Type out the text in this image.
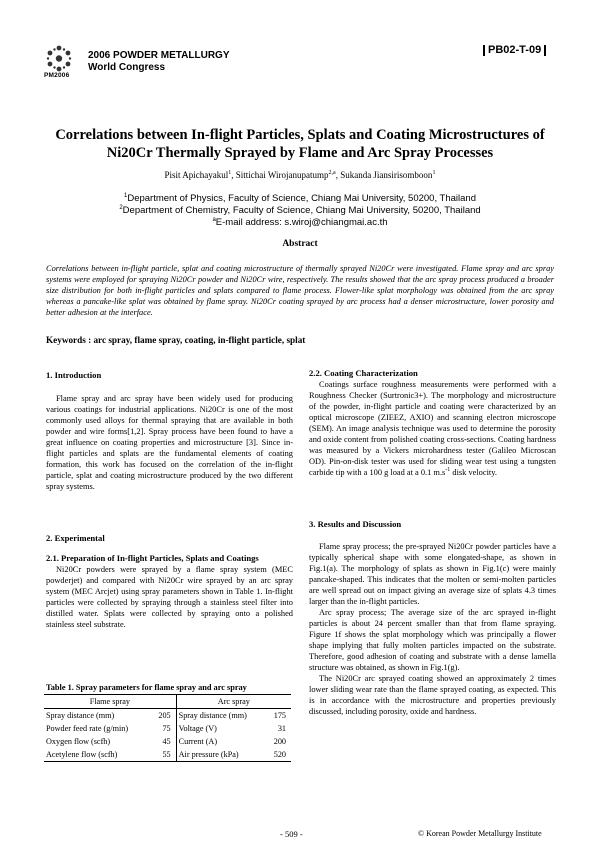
PM2006
2006 POWDER METALLURGY
World Congress
PB02-T-09
Correlations between In-flight Particles, Splats and Coating Microstructures of
Ni20Cr Thermally Sprayed by Flame and Arc Spray Processes
Pisit Apichayakul$^1$, Sittichai Wirojanupatump$^{2,a}$, Sukanda Jiansirisomboon$^1$
$^1$Department of Physics, Faculty of Science, Chiang Mai University, 50200, Thailand
$^2$Department of Chemistry, Faculty of Science, Chiang Mai University, 50200, Thailand
$^a$E-mail address: s.wiroj@chiangmai.ac.th
Abstract

Correlations between in-flight particle, splat and coating microstructure of thermally sprayed Ni20Cr were investigated. Flame spray and arc spray systems were employed for spraying Ni20Cr powder and Ni20Cr wire, respectively. The results showed that the arc spray process produced a broader size distribution for both in-flight particles and splats compared to flame process. Flower-like splat morphology was obtained from the arc spray whereas a pancake-like splat was obtained by flame spray. Ni20Cr coating sprayed by arc process had a denser microstructure, lower porosity and better adhesion at the interface.

Keywords : arc spray, flame spray, coating, in-flight particle, splat

1. Introduction

Flame spray and arc spray have been widely used for producing various coatings for industrial applications. Ni20Cr is one of the most commonly used alloys for thermal spraying that are available in both powder and wire forms[1,2]. Spray process have been found to have a great influence on coating properties and microstructure [3]. Since in-flight particles and splats are the fundamental elements of coating formation, this work has focused on the correlation of the in-flight particle, splat and coating microstructure produced by the two different spray systems.

2. Experimental

2.1. Preparation of In-flight Particles, Splats and Coatings

Ni20Cr powders were sprayed by a flame spray system (MEC powderjet) and compared with Ni20Cr wire sprayed by an arc spray system (MEC Arcjet) using spray parameters shown in Table 1. In-flight particles were collected by spraying through a stainless steel filter into distilled water. Splats were collected by spraying onto a polished stainless steel substrate.

Table 1. Spray parameters for flame spray and arc spray
Flame spray		Arc spray	
Spray distance (mm)	205	Spray distance (mm)	175
Powder feed rate (g/min)	75	Voltage (V)	31
Oxygen flow (scfh)	45	Current (A)	200
Acetylene flow (scfh)	55	Air pressure (kPa)	520

2.2. Coating Characterization

Coatings surface roughness measurements were performed with a Roughness Checker (Surtronic3+). The morphology and microstructure of the powder, in-flight particle and coating were characterized by an optical microscope (ZIEEZ, AXIO) and scanning electron microscope (SEM). An image analysis technique was used to determine the porosity and oxide content from polished coating cross-sections. Coating hardness was measured by a Vickers microhardness tester (Galileo Microscan OD). Pin-on-disk tester was used for sliding wear test using a tungsten carbide tip with a 100 g load at a 0.1 $m.s^{-1}$ disk velocity.

3. Results and Discussion

Flame spray process; the pre-sprayed Ni20Cr powder particles have a typically spherical shape with some elongated-shape, as shown in Fig.1(a). The morphology of splats as shown in Fig.1(c) were mainly pancake-shaped. This indicates that the molten or semi-molten particles are well spread out on impact giving an average size of splats 4.3 times larger than the in-flight particles.

Arc spray process; The average size of the arc sprayed in-flight particles is about 24 percent smaller than that from flame spraying. Figure 1f shows the splat morphology which was principally a flower shape implying that fully molten particles impacted on the substrate. Therefore, good adhesion of coating and substrate with a dense lamella structure was obtained, as shown in Fig.1(g).

The Ni20Cr arc sprayed coating showed an approximately 2 times lower sliding wear rate than the flame sprayed coating, as expected. This is in accordance with the microstructure and properties previously discussed, including porosity, oxide and hardness.

- 509 -	© Korean Powder Metallurgy Institute
